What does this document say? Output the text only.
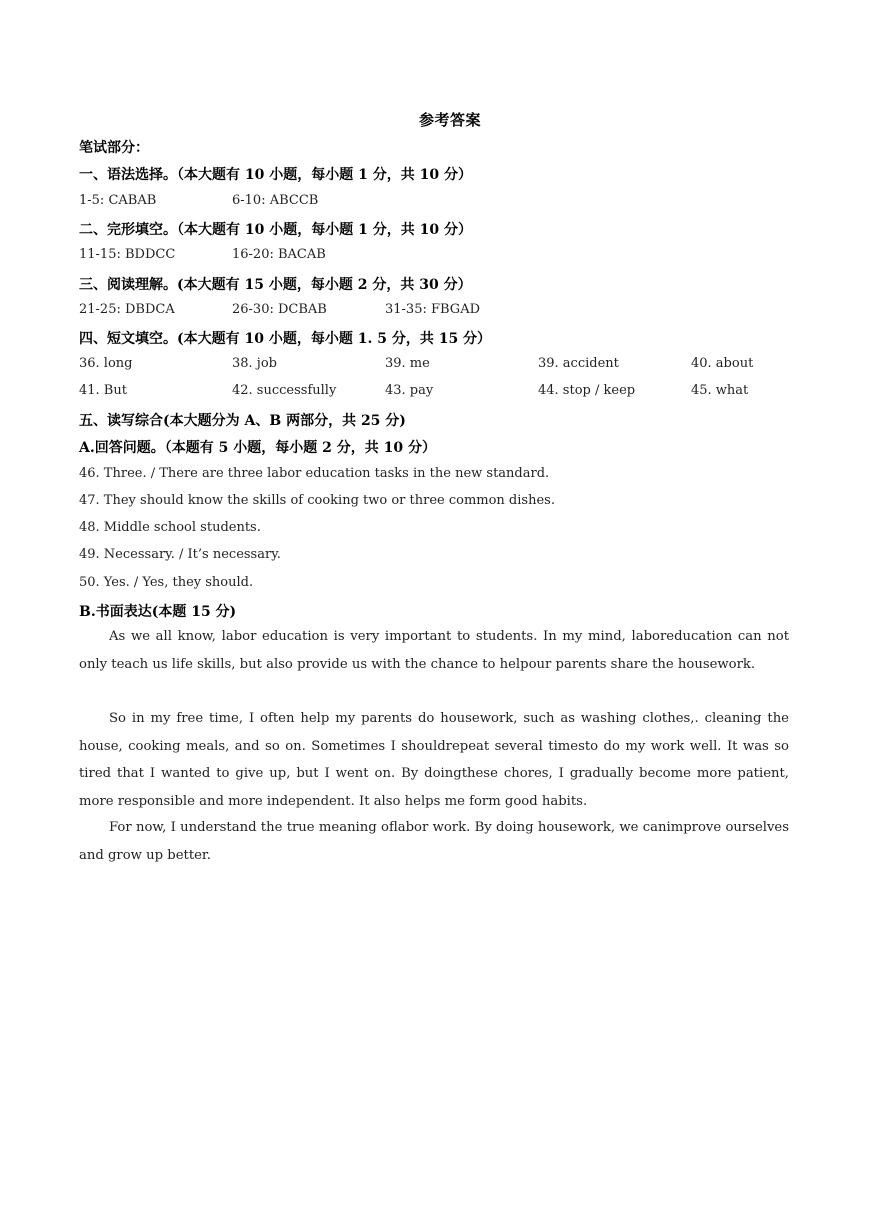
参考答案
笔试部分：
一、语法选择。（本大题有 10 小题，每小题 1 分，共 10 分）
1-5: CABAB	6-10: ABCCB
二、完形填空。（本大题有 10 小题，每小题 1 分，共 10 分）
11-15: BDDCC	16-20: BACAB
三、阅读理解。(本大题有 15 小题，每小题 2 分，共 30 分）
21-25: DBDCA	26-30: DCBAB	31-35: FBGAD
四、短文填空。(本大题有 10 小题，每小题 1. 5 分，共 15 分）
36. long	38. job	39. me	39. accident	40. about
41. But	42. successfully	43. pay	44. stop / keep	45. what
五、读写综合(本大题分为 A、B 两部分，共 25 分)
A.回答问题。（本题有 5 小题，每小题 2 分，共 10 分）
46. Three. / There are three labor education tasks in the new standard.
47. They should know the skills of cooking two or three common dishes.
48. Middle school students.
49. Necessary. / It’s necessary.
50. Yes. / Yes, they should.
B.书面表达(本题 15 分)
As we all know, labor education is very important to students. In my mind, laboreducation can not only teach us life skills, but also provide us with the chance to helpour parents share the housework.
So in my free time, I often help my parents do housework, such as washing clothes,. cleaning the house, cooking meals, and so on. Sometimes I shouldrepeat several timesto do my work well. It was so tired that I wanted to give up, but I went on. By doingthese chores, I gradually become more patient, more responsible and more independent. It also helps me form good habits.
For now, I understand the true meaning oflabor work. By doing housework, we canimprove ourselves and grow up better.
